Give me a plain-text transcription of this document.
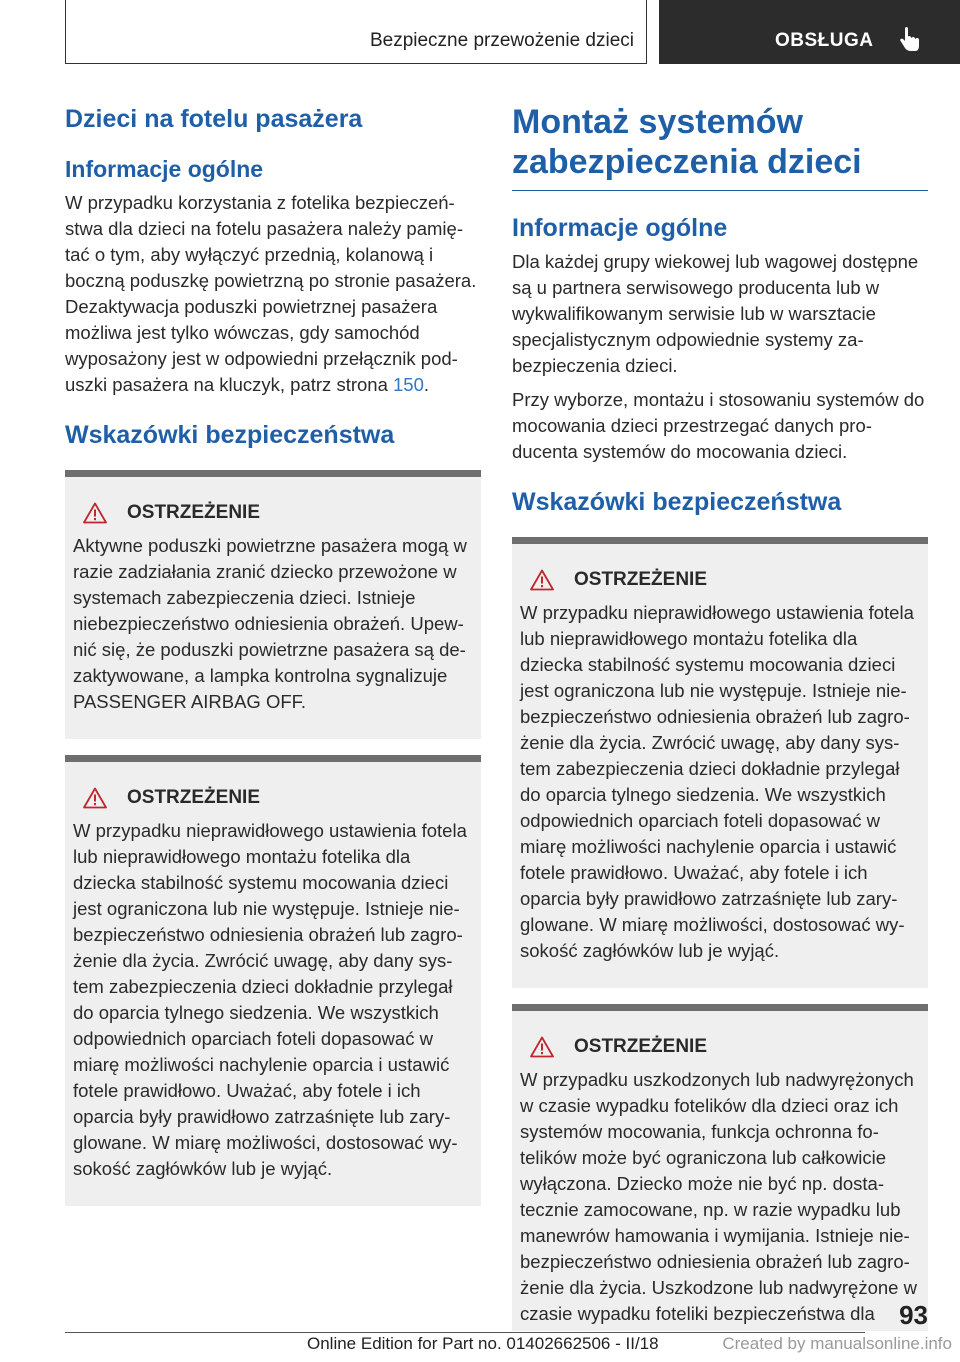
Bezpieczne przewożenie dzieci	OBSŁUGA
Dzieci na fotelu pasażera
Informacje ogólne

W przypadku korzystania z fotelika bezpieczeństwa dla dzieci na fotelu pasażera należy pamiętać o tym, aby wyłączyć przednią, kolanową i boczną poduszkę powietrzną po stronie pasażera. Dezaktywacja poduszki powietrznej pasażera możliwa jest tylko wówczas, gdy samochód wyposażony jest w odpowiedni przełącznik poduszki pasażera na kluczyk, patrz strona 150.

Wskazówki bezpieczeństwa
OSTRZEŻENIE

Aktywne poduszki powietrzne pasażera mogą w razie zadziałania zranić dziecko przewożone w systemach zabezpieczenia dzieci. Istnieje niebezpieczeństwo odniesienia obrażeń. Upewnić się, że poduszki powietrzne pasażera są dezaktywowane, a lampka kontrolna sygnalizuje PASSENGER AIRBAG OFF.

OSTRZEŻENIE

W przypadku nieprawidłowego ustawienia fotela lub nieprawidłowego montażu fotelika dla dziecka stabilność systemu mocowania dzieci jest ograniczona lub nie występuje. Istnieje niebezpieczeństwo odniesienia obrażeń lub zagrożenie dla życia. Zwrócić uwagę, aby dany system zabezpieczenia dzieci dokładnie przylegał do oparcia tylnego siedzenia. We wszystkich odpowiednich oparciach foteli dopasować w miarę możliwości nachylenie oparcia i ustawić fotele prawidłowo. Uważać, aby fotele i ich oparcia były prawidłowo zatrzaśnięte lub zaryglowane. W miarę możliwości, dostosować wysokość zagłówków lub je wyjąć.

Montaż systemów zabezpieczenia dzieci
Informacje ogólne

Dla każdej grupy wiekowej lub wagowej dostępne są u partnera serwisowego producenta lub w wykwalifikowanym serwisie lub w warsztacie specjalistycznym odpowiednie systemy zabezpieczenia dzieci.

Przy wyborze, montażu i stosowaniu systemów do mocowania dzieci przestrzegać danych producenta systemów do mocowania dzieci.

Wskazówki bezpieczeństwa
OSTRZEŻENIE

W przypadku nieprawidłowego ustawienia fotela lub nieprawidłowego montażu fotelika dla dziecka stabilność systemu mocowania dzieci jest ograniczona lub nie występuje. Istnieje niebezpieczeństwo odniesienia obrażeń lub zagrożenie dla życia. Zwrócić uwagę, aby dany system zabezpieczenia dzieci dokładnie przylegał do oparcia tylnego siedzenia. We wszystkich odpowiednich oparciach foteli dopasować w miarę możliwości nachylenie oparcia i ustawić fotele prawidłowo. Uważać, aby fotele i ich oparcia były prawidłowo zatrzaśnięte lub zaryglowane. W miarę możliwości, dostosować wysokość zagłówków lub je wyjąć.

OSTRZEŻENIE

W przypadku uszkodzonych lub nadwyrężonych w czasie wypadku fotelików dla dzieci oraz ich systemów mocowania, funkcja ochronna fotelików może być ograniczona lub całkowicie wyłączona. Dziecko może nie być np. dostatecznie zamocowane, np. w razie wypadku lub manewrów hamowania i wymijania. Istnieje niebezpieczeństwo odniesienia obrażeń lub zagrożenie dla życia. Uszkodzone lub nadwyrężone w czasie wypadku foteliki bezpieczeństwa dla 93
Online Edition for Part no. 01402662506 - II/18	Created by manualsonline.info
